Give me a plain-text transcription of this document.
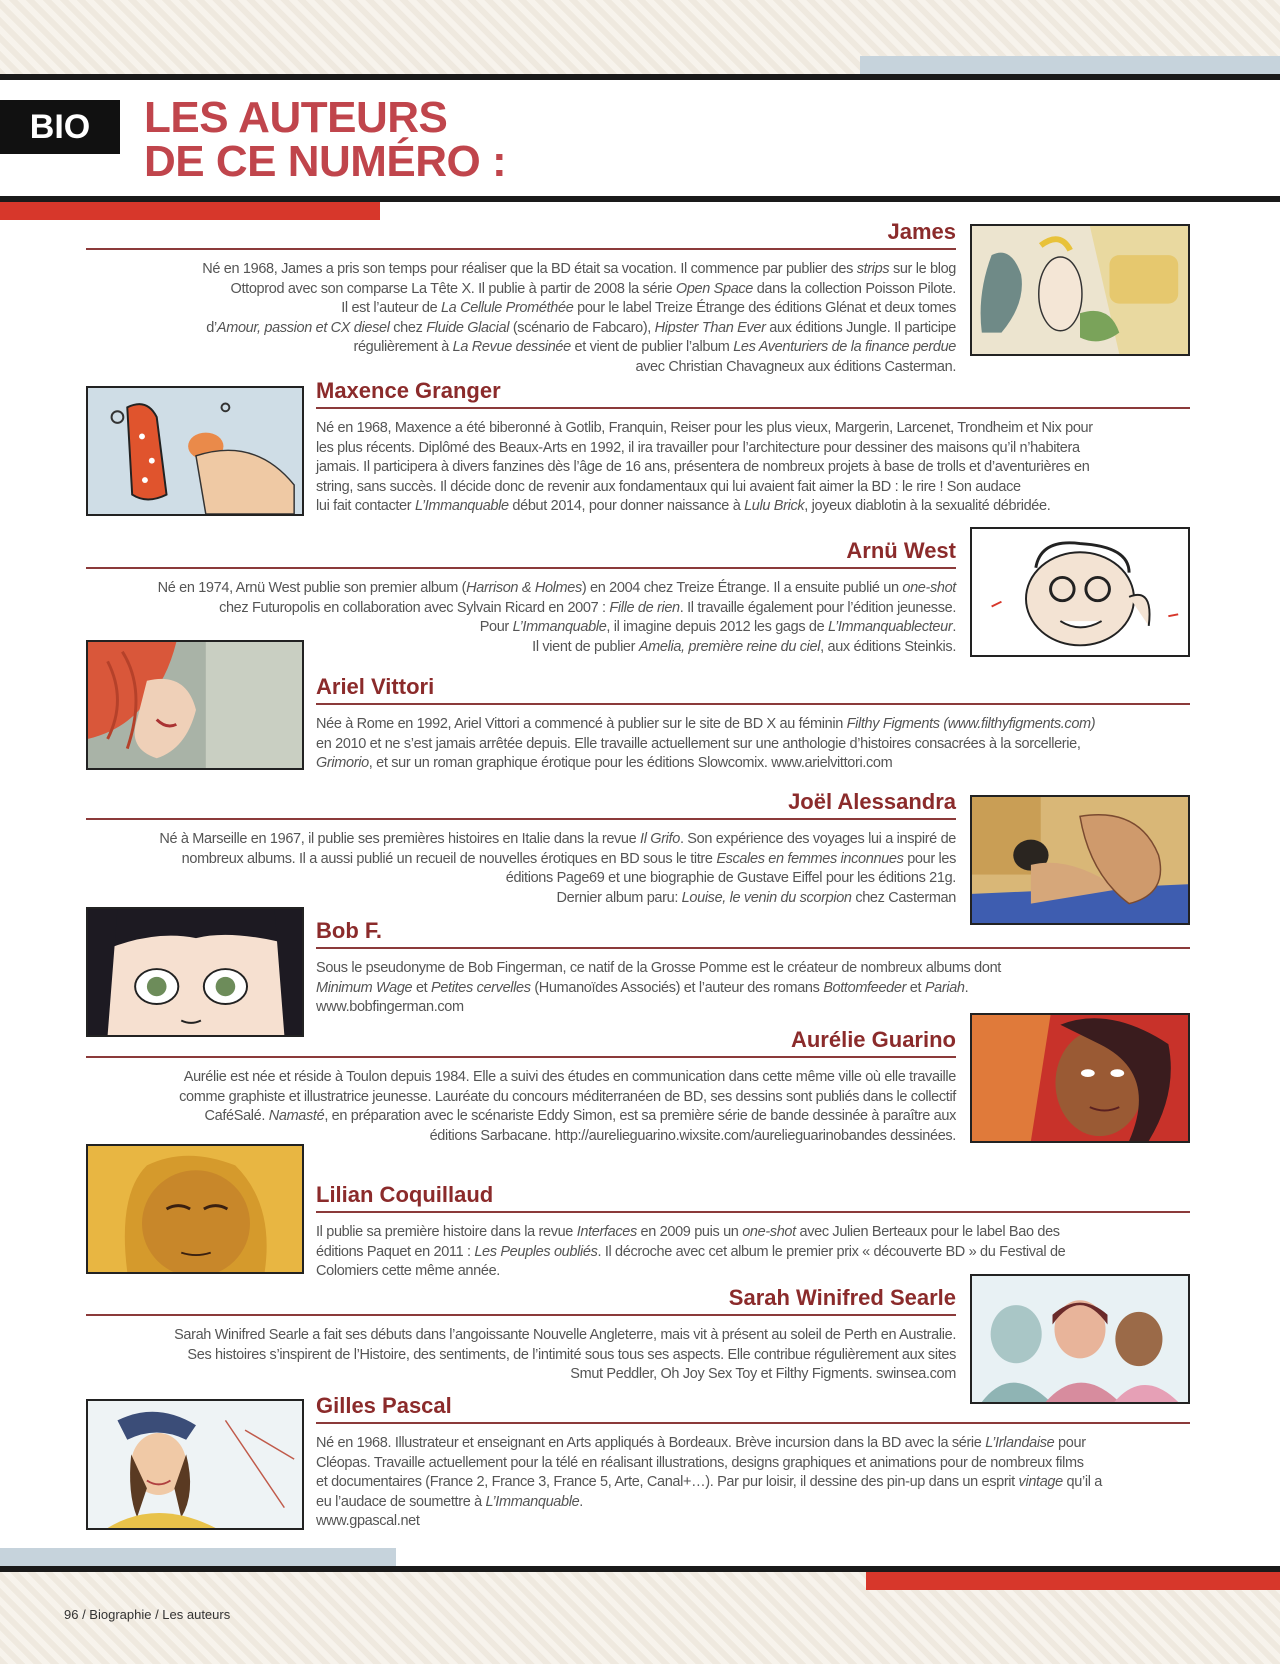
BIO	LES AUTEURS
DE CE NUMÉRO :
James
Né en 1968, James a pris son temps pour réaliser que la BD était sa vocation. Il commence par publier des strips sur le blog
Ottoprod avec son comparse La Tête X. Il publie à partir de 2008 la série Open Space dans la collection Poisson Pilote.
Il est l’auteur de La Cellule Prométhée pour le label Treize Étrange des éditions Glénat et deux tomes
d’Amour, passion et CX diesel chez Fluide Glacial (scénario de Fabcaro), Hipster Than Ever aux éditions Jungle. Il participe
régulièrement à La Revue dessinée et vient de publier l’album Les Aventuriers de la finance perdue
avec Christian Chavagneux aux éditions Casterman.
Maxence Granger
Né en 1968, Maxence a été biberonné à Gotlib, Franquin, Reiser pour les plus vieux, Margerin, Larcenet, Trondheim et Nix pour
les plus récents. Diplômé des Beaux-Arts en 1992, il ira travailler pour l’architecture pour dessiner des maisons qu’il n’habitera
jamais. Il participera à divers fanzines dès l’âge de 16 ans, présentera de nombreux projets à base de trolls et d’aventurières en
string, sans succès. Il décide donc de revenir aux fondamentaux qui lui avaient fait aimer la BD : le rire ! Son audace
lui fait contacter L’Immanquable début 2014, pour donner naissance à Lulu Brick, joyeux diablotin à la sexualité débridée.
Arnü West
Né en 1974, Arnü West publie son premier album (Harrison & Holmes) en 2004 chez Treize Étrange. Il a ensuite publié un one-shot
chez Futuropolis en collaboration avec Sylvain Ricard en 2007 : Fille de rien. Il travaille également pour l’édition jeunesse.
Pour L’Immanquable, il imagine depuis 2012 les gags de L’Immanquablecteur.
Il vient de publier Amelia, première reine du ciel, aux éditions Steinkis.
Ariel Vittori
Née à Rome en 1992, Ariel Vittori a commencé à publier sur le site de BD X au féminin Filthy Figments (www.filthyfigments.com)
en 2010 et ne s’est jamais arrêtée depuis. Elle travaille actuellement sur une anthologie d’histoires consacrées à la sorcellerie,
Grimorio, et sur un roman graphique érotique pour les éditions Slowcomix. www.arielvittori.com
Joël Alessandra
Né à Marseille en 1967, il publie ses premières histoires en Italie dans la revue Il Grifo. Son expérience des voyages lui a inspiré de
nombreux albums. Il a aussi publié un recueil de nouvelles érotiques en BD sous le titre Escales en femmes inconnues pour les
éditions Page69 et une biographie de Gustave Eiffel pour les éditions 21g.
Dernier album paru: Louise, le venin du scorpion chez Casterman
Bob F.
Sous le pseudonyme de Bob Fingerman, ce natif de la Grosse Pomme est le créateur de nombreux albums dont
Minimum Wage et Petites cervelles (Humanoïdes Associés) et l’auteur des romans Bottomfeeder et Pariah.
www.bobfingerman.com
Aurélie Guarino
Aurélie est née et réside à Toulon depuis 1984. Elle a suivi des études en communication dans cette même ville où elle travaille
comme graphiste et illustratrice jeunesse. Lauréate du concours méditerranéen de BD, ses dessins sont publiés dans le collectif
CaféSalé. Namasté, en préparation avec le scénariste Eddy Simon, est sa première série de bande dessinée à paraître aux
éditions Sarbacane. http://aurelieguarino.wixsite.com/aurelieguarinobandes dessinées.
Lilian Coquillaud
Il publie sa première histoire dans la revue Interfaces en 2009 puis un one-shot avec Julien Berteaux pour le label Bao des
éditions Paquet en 2011 : Les Peuples oubliés. Il décroche avec cet album le premier prix « découverte BD » du Festival de
Colomiers cette même année.
Sarah Winifred Searle
Sarah Winifred Searle a fait ses débuts dans l’angoissante Nouvelle Angleterre, mais vit à présent au soleil de Perth en Australie.
Ses histoires s’inspirent de l’Histoire, des sentiments, de l’intimité sous tous ses aspects. Elle contribue régulièrement aux sites
Smut Peddler, Oh Joy Sex Toy et Filthy Figments. swinsea.com
Gilles Pascal
Né en 1968. Illustrateur et enseignant en Arts appliqués à Bordeaux. Brève incursion dans la BD avec la série L’Irlandaise pour
Cléopas. Travaille actuellement pour la télé en réalisant illustrations, designs graphiques et animations pour de nombreux films
et documentaires (France 2, France 3, France 5, Arte, Canal+…). Par pur loisir, il dessine des pin-up dans un esprit vintage qu’il a
eu l’audace de soumettre à L’Immanquable.
www.gpascal.net
96 / Biographie / Les auteurs
